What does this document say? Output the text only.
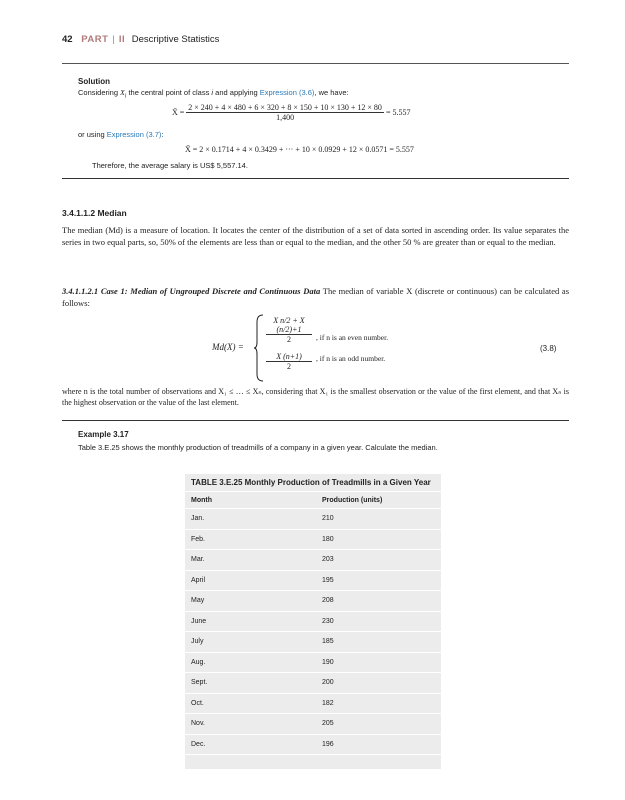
42 PART | II Descriptive Statistics
Solution
Considering $X_i$ the central point of class i and applying Expression (3.6), we have:
X̄ = $\frac{2 \times 240 + 4 \times 480 + 6 \times 320 + 8 \times 150 + 10 \times 130 + 12 \times 80}{1,400} = 5.557$
or using Expression (3.7):
X̄ = 2 × 0.1714 + 4 × 0.3429 + ··· + 10 × 0.0929 + 12 × 0.0571 = 5.557
Therefore, the average salary is US$ 5,557.14.
3.4.1.1.2 Median
The median (Md) is a measure of location. It locates the center of the distribution of a set of data sorted in ascending order. Its value separates the series in two equal parts, so, 50% of the elements are less than or equal to the median, and the other 50 % are greater than or equal to the median.
3.4.1.1.2.1 Case 1: Median of Ungrouped Discrete and Continuous Data The median of variable X (discrete or continuous) can be calculated as follows:
Md(X) =
$\frac{\text{X n/2 + X (n/2)+1}}{2}$ , if n is an even number.
$\frac{X (n+1)}{2}$ , if n is an odd number.
(3.8)
where n is the total number of observations and X₁ ≤ … ≤ Xₙ, considering that X₁ is the smallest observation or the value of the first element, and that Xₙ is the highest observation or the value of the last element.
Example 3.17
Table 3.E.25 shows the monthly production of treadmills of a company in a given year. Calculate the median.
TABLE 3.E.25 Monthly Production of Treadmills in a Given Year
Month	Production (units)
Jan.	210
Feb.	180
Mar.	203
April	195
May	208
June	230
July	185
Aug.	190
Sept.	200
Oct.	182
Nov.	205
Dec.	196
